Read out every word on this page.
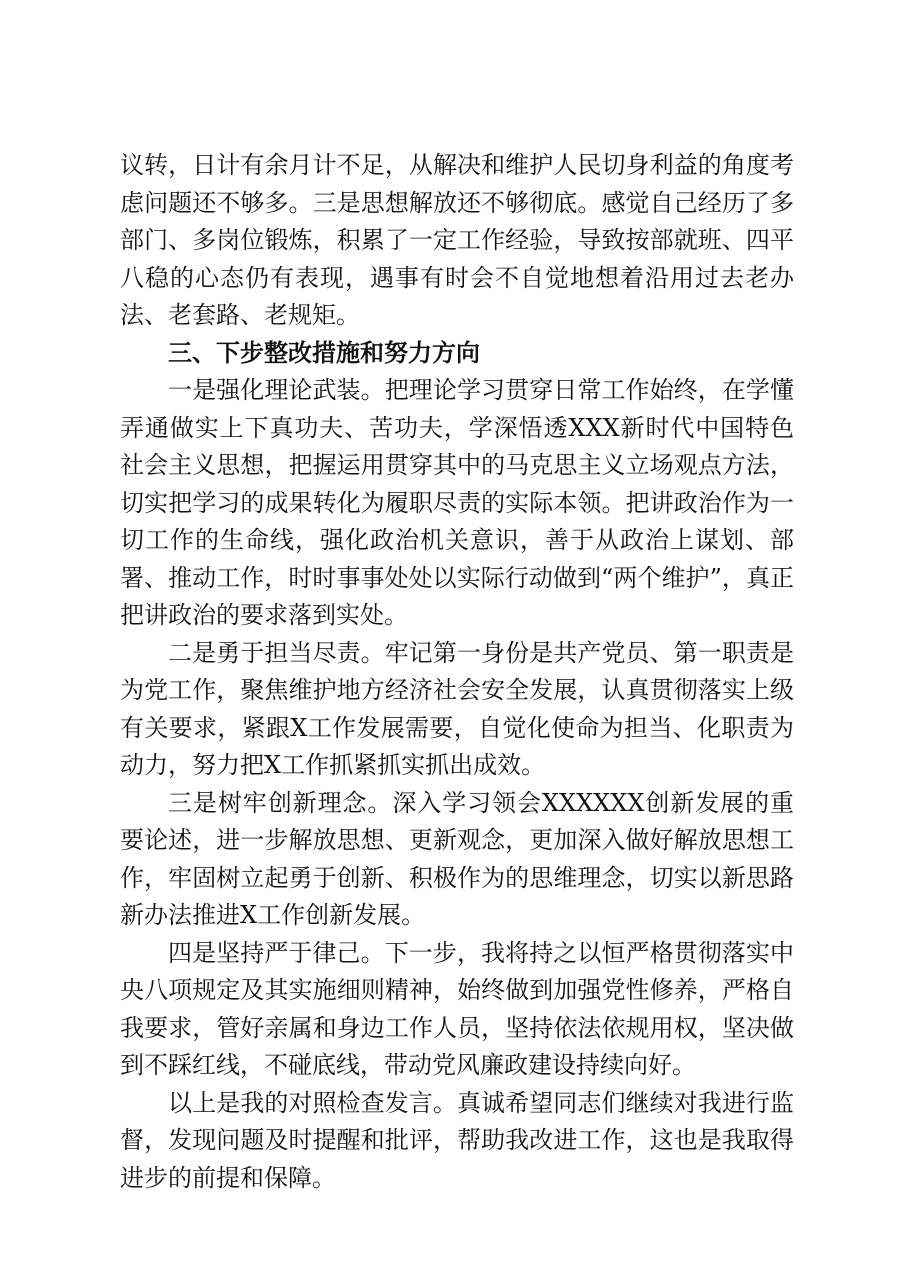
议转，日计有余月计不足，从解决和维护人民切身利益的角度考虑问题还不够多。三是思想解放还不够彻底。感觉自己经历了多部门、多岗位锻炼，积累了一定工作经验，导致按部就班、四平八稳的心态仍有表现，遇事有时会不自觉地想着沿用过去老办法、老套路、老规矩。

三、下步整改措施和努力方向

一是强化理论武装。把理论学习贯穿日常工作始终，在学懂弄通做实上下真功夫、苦功夫，学深悟透XXX新时代中国特色社会主义思想，把握运用贯穿其中的马克思主义立场观点方法，切实把学习的成果转化为履职尽责的实际本领。把讲政治作为一切工作的生命线，强化政治机关意识，善于从政治上谋划、部署、推动工作，时时事事处处以实际行动做到“两个维护”，真正把讲政治的要求落到实处。

二是勇于担当尽责。牢记第一身份是共产党员、第一职责是为党工作，聚焦维护地方经济社会安全发展，认真贯彻落实上级有关要求，紧跟X工作发展需要，自觉化使命为担当、化职责为动力，努力把X工作抓紧抓实抓出成效。

三是树牢创新理念。深入学习领会XXXXXX创新发展的重要论述，进一步解放思想、更新观念，更加深入做好解放思想工作，牢固树立起勇于创新、积极作为的思维理念，切实以新思路新办法推进X工作创新发展。

四是坚持严于律己。下一步，我将持之以恒严格贯彻落实中央八项规定及其实施细则精神，始终做到加强党性修养，严格自我要求，管好亲属和身边工作人员，坚持依法依规用权，坚决做到不踩红线，不碰底线，带动党风廉政建设持续向好。

以上是我的对照检查发言。真诚希望同志们继续对我进行监督，发现问题及时提醒和批评，帮助我改进工作，这也是我取得进步的前提和保障。
